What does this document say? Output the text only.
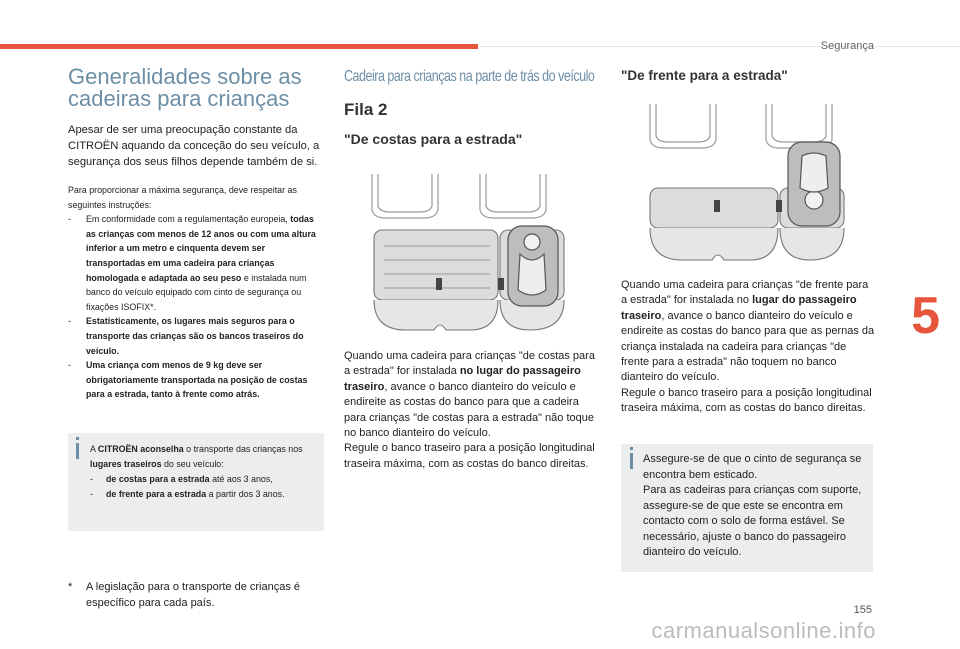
Segurança
5
Generalidades sobre as cadeiras para crianças

Apesar de ser uma preocupação constante da CITROËN aquando da conceção do seu veículo, a segurança dos seus filhos depende também de si.

Para proporcionar a máxima segurança, deve respeitar as seguintes instruções:

- Em conformidade com a regulamentação europeia, todas as crianças com menos de 12 anos ou com uma altura inferior a um metro e cinquenta devem ser transportadas em uma cadeira para crianças homologada e adaptada ao seu peso e instalada num banco do veículo equipado com cinto de segurança ou fixações ISOFIX*.
- Estatisticamente, os lugares mais seguros para o transporte das crianças são os bancos traseiros do veículo.
- Uma criança com menos de 9 kg deve ser obrigatoriamente transportada na posição de costas para a estrada, tanto à frente como atrás.

A CITROËN aconselha o transporte das crianças nos lugares traseiros do seu veículo:

- de costas para a estrada até aos 3 anos,
- de frente para a estrada a partir dos 3 anos.
*	A legislação para o transporte de crianças é específico para cada país.
Cadeira para crianças na parte de trás do veículo
Fila 2
"De costas para a estrada"

Quando uma cadeira para crianças "de costas para a estrada" for instalada no lugar do passageiro traseiro, avance o banco dianteiro do veículo e endireite as costas do banco para que a cadeira para crianças "de costas para a estrada" não toque no banco dianteiro do veículo.

Regule o banco traseiro para a posição longitudinal traseira máxima, com as costas do banco direitas.

"De frente para a estrada"

Quando uma cadeira para crianças "de frente para a estrada" for instalada no lugar do passageiro traseiro, avance o banco dianteiro do veículo e endireite as costas do banco para que as pernas da criança instalada na cadeira para crianças "de frente para a estrada" não toquem no banco dianteiro do veículo.

Regule o banco traseiro para a posição longitudinal traseira máxima, com as costas do banco direitas.

Assegure-se de que o cinto de segurança se encontra bem esticado.

Para as cadeiras para crianças com suporte, assegure-se de que este se encontra em contacto com o solo de forma estável. Se necessário, ajuste o banco do passageiro dianteiro do veículo.

155
carmanualsonline.info
